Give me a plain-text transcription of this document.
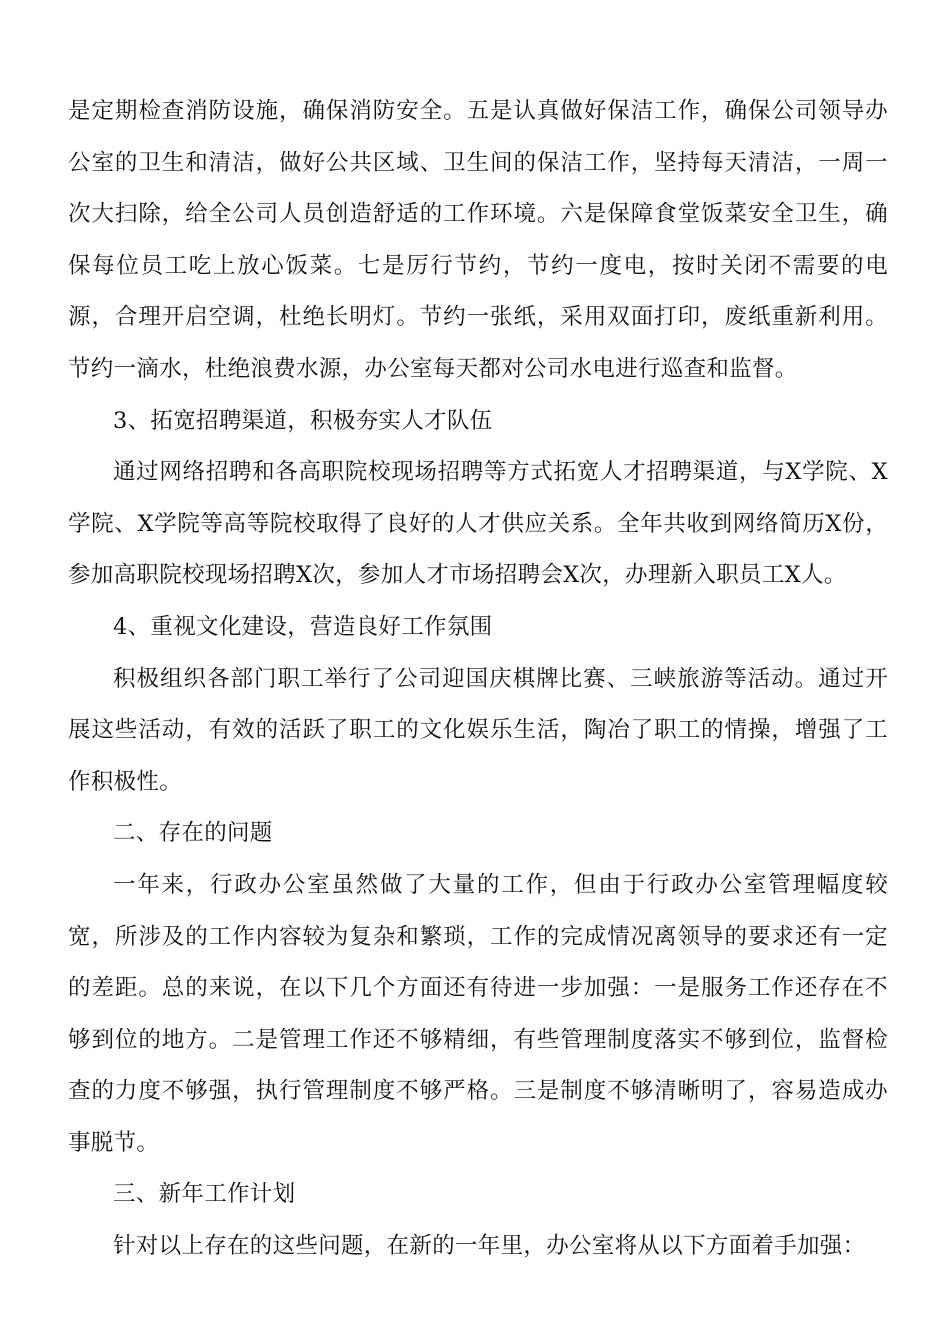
是定期检查消防设施，确保消防安全。五是认真做好保洁工作，确保公司领导办公室的卫生和清洁，做好公共区域、卫生间的保洁工作，坚持每天清洁，一周一次大扫除，给全公司人员创造舒适的工作环境。六是保障食堂饭菜安全卫生，确保每位员工吃上放心饭菜。七是厉行节约，节约一度电，按时关闭不需要的电源，合理开启空调，杜绝长明灯。节约一张纸，采用双面打印，废纸重新利用。节约一滴水，杜绝浪费水源，办公室每天都对公司水电进行巡查和监督。

3、拓宽招聘渠道，积极夯实人才队伍

通过网络招聘和各高职院校现场招聘等方式拓宽人才招聘渠道，与X学院、X学院、X学院等高等院校取得了良好的人才供应关系。全年共收到网络简历X份，参加高职院校现场招聘X次，参加人才市场招聘会X次，办理新入职员工X人。

4、重视文化建设，营造良好工作氛围

积极组织各部门职工举行了公司迎国庆棋牌比赛、三峡旅游等活动。通过开展这些活动，有效的活跃了职工的文化娱乐生活，陶冶了职工的情操，增强了工作积极性。

二、存在的问题

一年来，行政办公室虽然做了大量的工作，但由于行政办公室管理幅度较宽，所涉及的工作内容较为复杂和繁琐，工作的完成情况离领导的要求还有一定的差距。总的来说，在以下几个方面还有待进一步加强：一是服务工作还存在不够到位的地方。二是管理工作还不够精细，有些管理制度落实不够到位，监督检查的力度不够强，执行管理制度不够严格。三是制度不够清晰明了，容易造成办事脱节。

三、新年工作计划

针对以上存在的这些问题，在新的一年里，办公室将从以下方面着手加强：
